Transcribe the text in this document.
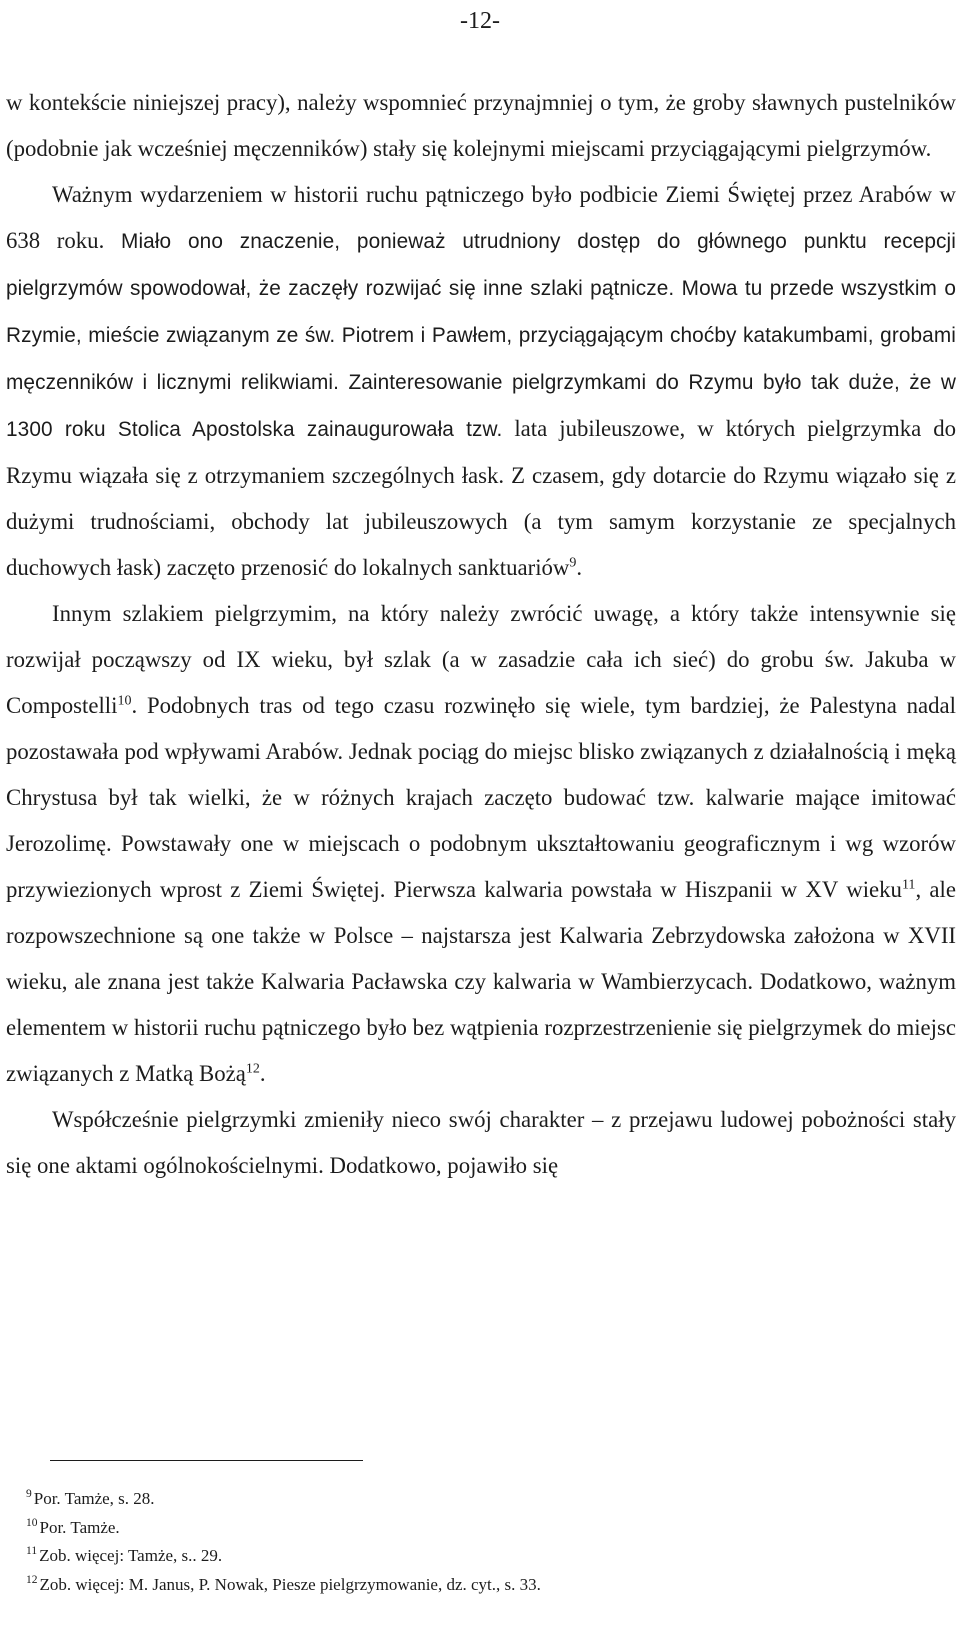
-12-

w kontekście niniejszej pracy), należy wspomnieć przynajmniej o tym, że groby sławnych pustelników (podobnie jak wcześniej męczenników) stały się kolejnymi miejscami przyciągającymi pielgrzymów.

Ważnym wydarzeniem w historii ruchu pątniczego było podbicie Ziemi Świętej przez Arabów w 638 roku. Miało ono znaczenie, ponieważ utrudniony dostęp do głównego punktu recepcji pielgrzymów spowodował, że zaczęły rozwijać się inne szlaki pątnicze. Mowa tu przede wszystkim o Rzymie, mieście związanym ze św. Piotrem i Pawłem, przyciągającym choćby katakumbami, grobami męczenników i licznymi relikwiami. Zainteresowanie pielgrzymkami do Rzymu było tak duże, że w 1300 roku Stolica Apostolska zainaugurowała tzw. lata jubileuszowe, w których pielgrzymka do Rzymu wiązała się z otrzymaniem szczególnych łask. Z czasem, gdy dotarcie do Rzymu wiązało się z dużymi trudnościami, obchody lat jubileuszowych (a tym samym korzystanie ze specjalnych duchowych łask) zaczęto przenosić do lokalnych sanktuariów$^9$.

Innym szlakiem pielgrzymim, na który należy zwrócić uwagę, a który także intensywnie się rozwijał począwszy od IX wieku, był szlak (a w zasadzie cała ich sieć) do grobu św. Jakuba w Compostelli$^{10}$. Podobnych tras od tego czasu rozwinęło się wiele, tym bardziej, że Palestyna nadal pozostawała pod wpływami Arabów. Jednak pociąg do miejsc blisko związanych z działalnością i męką Chrystusa był tak wielki, że w różnych krajach zaczęto budować tzw. kalwarie mające imitować Jerozolimę. Powstawały one w miejscach o podobnym ukształtowaniu geograficznym i wg wzorów przywiezionych wprost z Ziemi Świętej. Pierwsza kalwaria powstała w Hiszpanii w XV wieku$^{11}$, ale rozpowszechnione są one także w Polsce – najstarsza jest Kalwaria Zebrzydowska założona w XVII wieku, ale znana jest także Kalwaria Pacławska czy kalwaria w Wambierzycach. Dodatkowo, ważnym elementem w historii ruchu pątniczego było bez wątpienia rozprzestrzenienie się pielgrzymek do miejsc związanych z Matką Bożą$^{12}$.

Współcześnie pielgrzymki zmieniły nieco swój charakter – z przejawu ludowej pobożności stały się one aktami ogólnokościelnymi. Dodatkowo, pojawiło się

$^9$ Por. Tamże, s. 28.

$^{10}$ Por. Tamże.

$^{11}$ Zob. więcej: Tamże, s.. 29.

$^{12}$ Zob. więcej: M. Janus, P. Nowak, Piesze pielgrzymowanie, dz. cyt., s. 33.
